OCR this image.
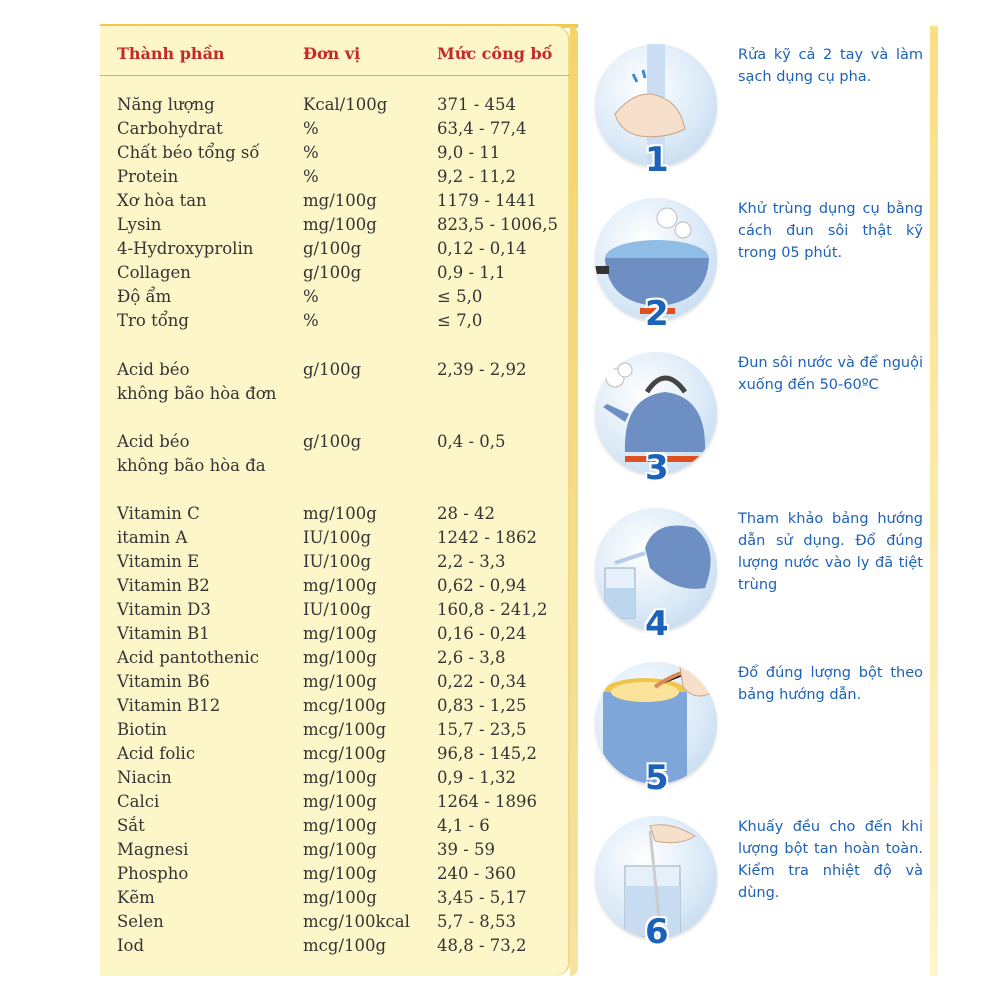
Thành phần	Đơn vị	Mức công bố
Năng lượng	Kcal/100g	371 - 454
Carbohydrat	%	63,4 - 77,4
Chất béo tổng số	%	9,0 - 11
Protein	%	9,2 - 11,2
Xơ hòa tan	mg/100g	1179 - 1441
Lysin	mg/100g	823,5 - 1006,5
4-Hydroxyprolin	g/100g	0,12 - 0,14
Collagen	g/100g	0,9 - 1,1
Độ ẩm	%	≤ 5,0
Tro tổng	%	≤ 7,0
Acid béo	g/100g	2,39 - 2,92
không bão hòa đơn
Acid béo	g/100g	0,4 - 0,5
không bão hòa đa
Vitamin C	mg/100g	28 - 42
itamin A	IU/100g	1242 - 1862
Vitamin E	IU/100g	2,2 - 3,3
Vitamin B2	mg/100g	0,62 - 0,94
Vitamin D3	IU/100g	160,8 - 241,2
Vitamin B1	mg/100g	0,16 - 0,24
Acid pantothenic	mg/100g	2,6 - 3,8
Vitamin B6	mg/100g	0,22 - 0,34
Vitamin B12	mcg/100g	0,83 - 1,25
Biotin	mcg/100g	15,7 - 23,5
Acid folic	mcg/100g	96,8 - 145,2
Niacin	mg/100g	0,9 - 1,32
Calci	mg/100g	1264 - 1896
Sắt	mg/100g	4,1 - 6
Magnesi	mg/100g	39 - 59
Phospho	mg/100g	240 - 360
Kẽm	mg/100g	3,45 - 5,17
Selen	mcg/100kcal 5,7 - 8,53
Iod	mcg/100g	48,8 - 73,2
1
Rửa kỹ cả 2 tay và làm sạch dụng cụ pha.
2
Khử trùng dụng cụ bằng cách đun sôi thật kỹ trong 05 phút.
3
Đun sôi nước và để nguội xuống đến 50-60ºC
4
Tham khảo bảng hướng dẫn sử dụng. Đổ đúng lượng nước vào ly đã tiệt trùng
5
Đổ đúng lượng bột theo bảng hướng dẫn.
6
Khuấy đều cho đến khi lượng bột tan hoàn toàn. Kiểm tra nhiệt độ và dùng.
